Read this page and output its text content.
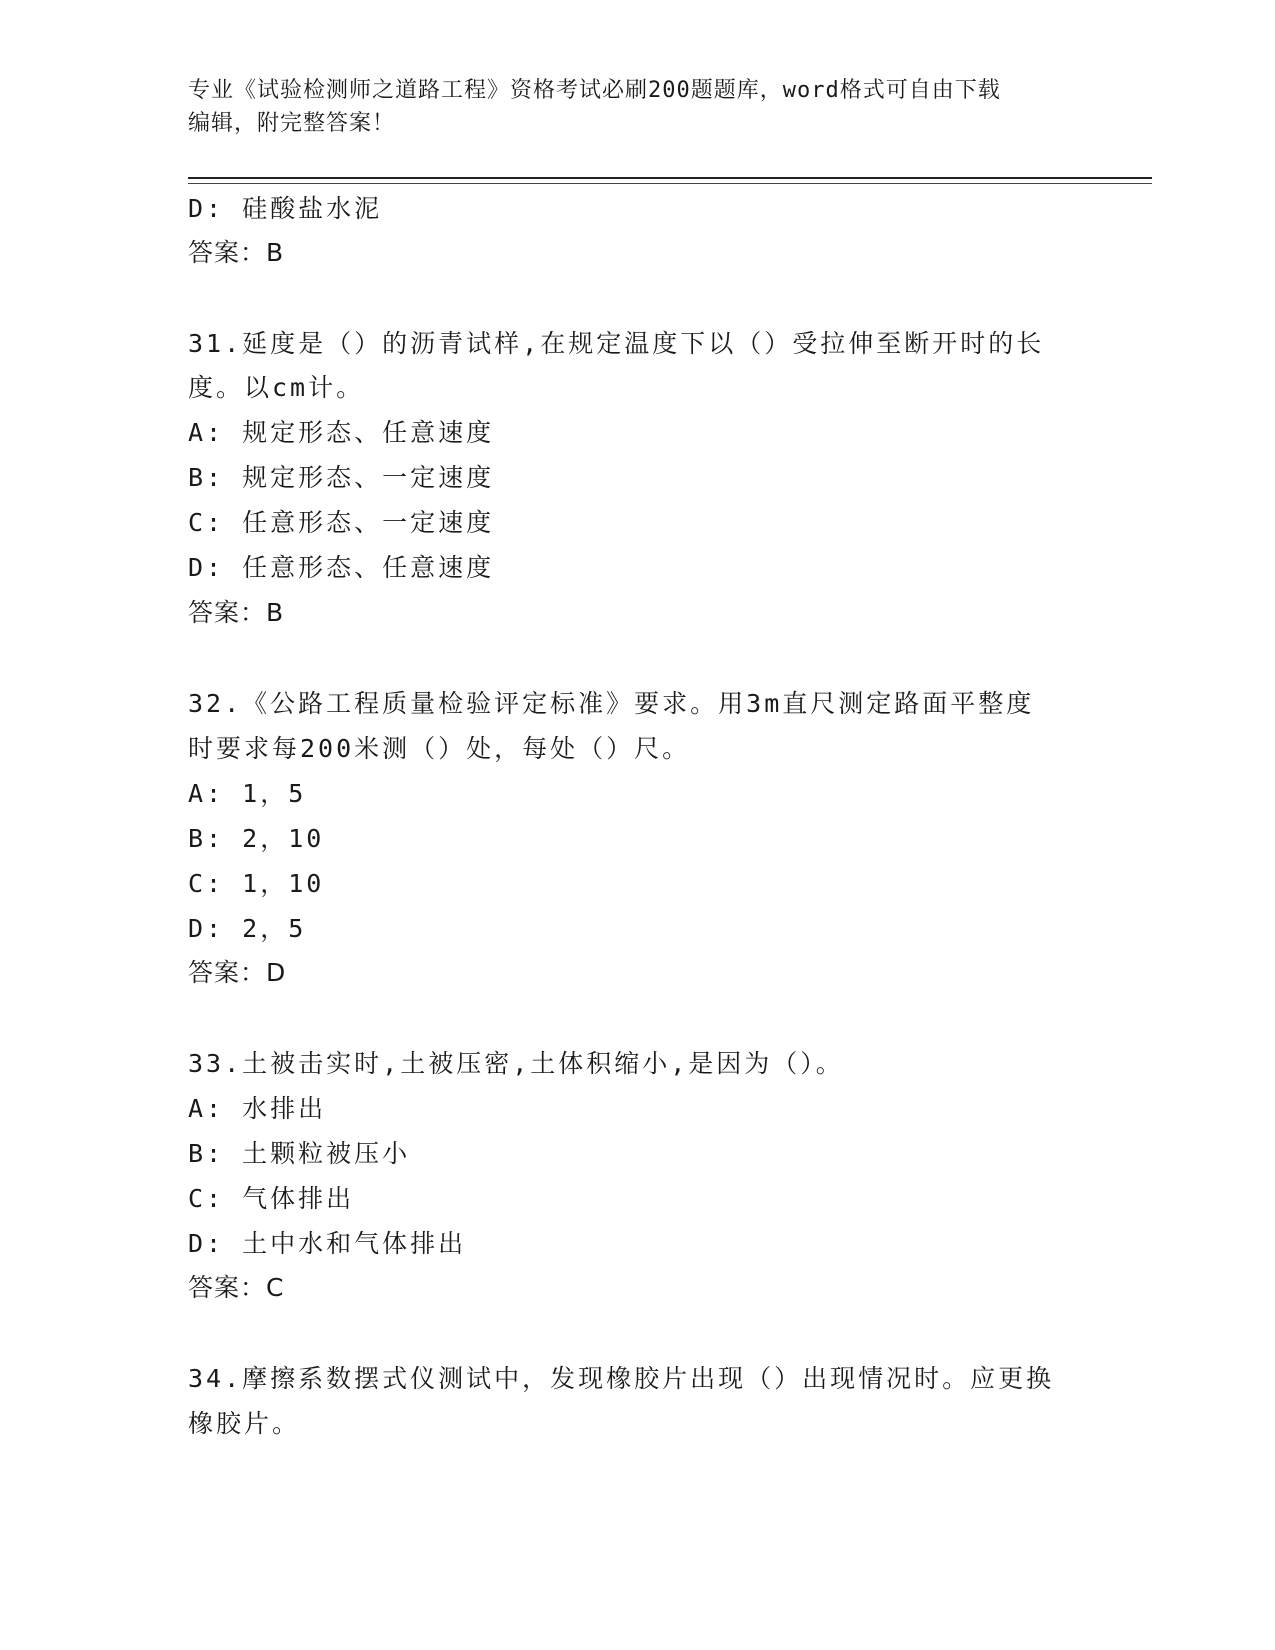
专业《试验检测师之道路工程》资格考试必刷200题题库，word格式可自由下载
编辑，附完整答案！
D: 硅酸盐水泥
答案：B
31.延度是（）的沥青试样,在规定温度下以（）受拉伸至断开时的长
度。以cm计。
A: 规定形态、任意速度
B: 规定形态、一定速度
C: 任意形态、一定速度
D: 任意形态、任意速度
答案：B
32.《公路工程质量检验评定标准》要求。用3m直尺测定路面平整度
时要求每200米测（）处，每处（）尺。
A: 1，5
B: 2，10
C: 1，10
D: 2，5
答案：D
33.土被击实时,土被压密,土体积缩小,是因为（）。
A: 水排出
B: 土颗粒被压小
C: 气体排出
D: 土中水和气体排出
答案：C
34.摩擦系数摆式仪测试中，发现橡胶片出现（）出现情况时。应更换
橡胶片。
